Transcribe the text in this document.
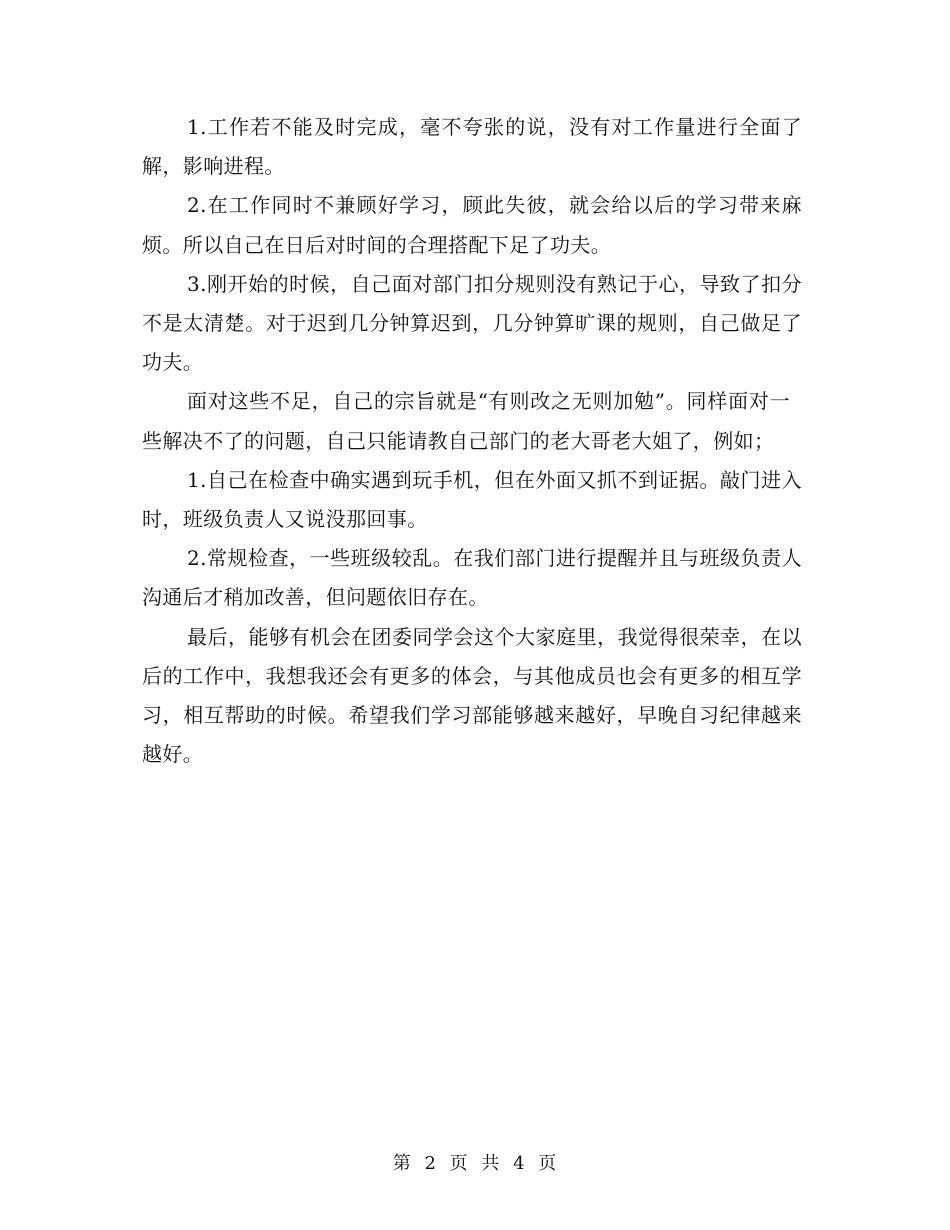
1.工作若不能及时完成，毫不夸张的说，没有对工作量进行全面了解，影响进程。

2.在工作同时不兼顾好学习，顾此失彼，就会给以后的学习带来麻烦。所以自己在日后对时间的合理搭配下足了功夫。

3.刚开始的时候，自己面对部门扣分规则没有熟记于心，导致了扣分不是太清楚。对于迟到几分钟算迟到，几分钟算旷课的规则，自己做足了功夫。

面对这些不足，自己的宗旨就是“有则改之无则加勉”。同样面对一些解决不了的问题，自己只能请教自己部门的老大哥老大姐了，例如；

1.自己在检查中确实遇到玩手机，但在外面又抓不到证据。敲门进入时，班级负责人又说没那回事。

2.常规检查，一些班级较乱。在我们部门进行提醒并且与班级负责人沟通后才稍加改善，但问题依旧存在。

最后，能够有机会在团委同学会这个大家庭里，我觉得很荣幸，在以后的工作中，我想我还会有更多的体会，与其他成员也会有更多的相互学习，相互帮助的时候。希望我们学习部能够越来越好，早晚自习纪律越来越好。

第 2 页 共 4 页
